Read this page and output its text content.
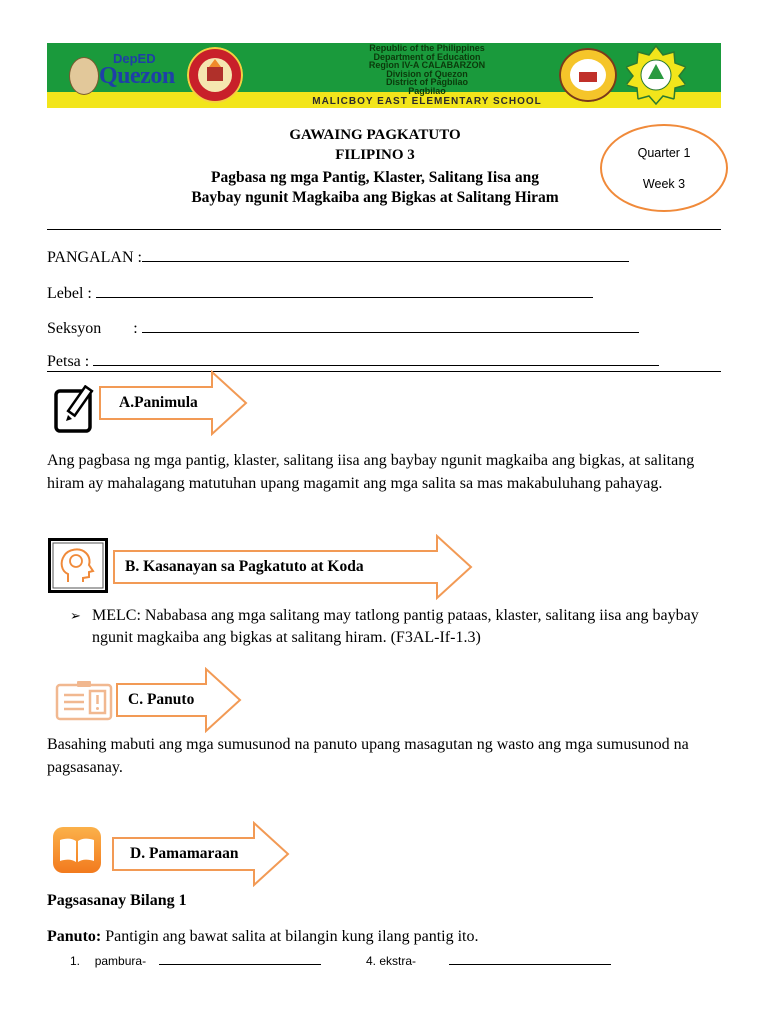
DepED
Quezon
Republic of the Philippines
Department of Education
Region IV-A CALABARZON
Division of Quezon
District of Pagbilao
Pagbilao
MALICBOY EAST ELEMENTARY SCHOOL
GAWAING PAGKATUTO
FILIPINO 3
Pagbasa ng mga Pantig, Klaster, Salitang Iisa ang
Baybay ngunit Magkaiba ang Bigkas at Salitang Hiram
Quarter 1
Week 3
PANGALAN :
Lebel :
Seksyon :
Petsa :
A.Panimula
Ang pagbasa ng mga pantig, klaster, salitang iisa ang baybay ngunit magkaiba ang bigkas, at salitang hiram ay mahalagang matutuhan upang magamit ang mga salita sa mas makabuluhang pahayag.
B. Kasanayan sa Pagkatuto at Koda
➢ MELC: Nababasa ang mga salitang may tatlong pantig pataas, klaster, salitang iisa ang baybay ngunit magkaiba ang bigkas at salitang hiram. (F3AL-If-1.3)
C. Panuto
Basahing mabuti ang mga sumusunod na panuto upang masagutan ng wasto ang mga sumusunod na pagsasanay.
D. Pamamaraan
Pagsasanay Bilang 1
Panuto: Pantigin ang bawat salita at bilangin kung ilang pantig ito.
1. pambura-	4. ekstra-
